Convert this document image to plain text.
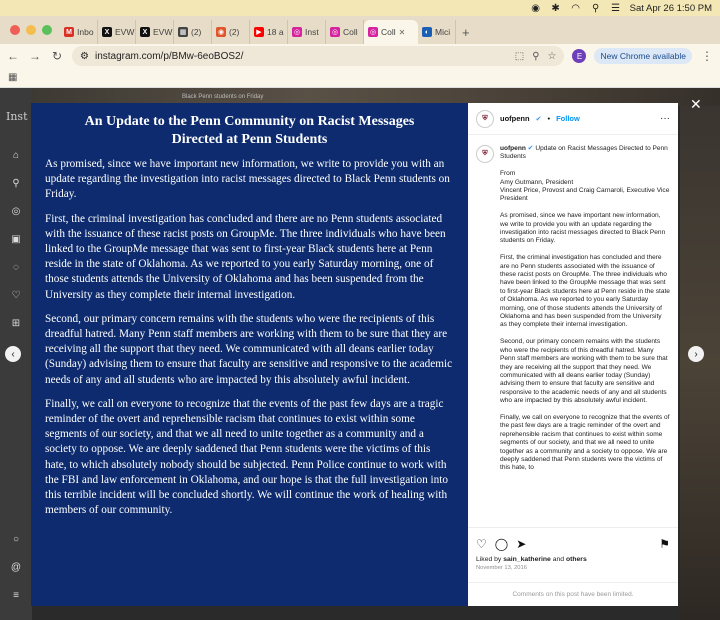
◉ ✱ ◠ ⚲ ☰ Sat Apr 26 1:50 PM
M Inbo	X EVW	X EVW ▦ (2) ◉ (2)	▶ 18 a ◎ Inst ◎ Coll ◎ Coll ✕	◐ Mici +
← → ↻ ⚙ instagram.com/p/BMw-6eoBOS2/	⬚ ⚲ ☆	E	New Chrome available	⋮
▦
Inst
⌂
⚲
◎
▣
◌
♡
⊞
○
@
≡
Black Penn students on Friday
An Update to the Penn Community on Racist Messages Directed at Penn Students

As promised, since we have important new information, we write to provide you with an update regarding the investigation into racist messages directed to Black Penn students on Friday.

First, the criminal investigation has concluded and there are no Penn students associated with the issuance of these racist posts on GroupMe. The three individuals who have been linked to the GroupMe message that was sent to first-year Black students here at Penn reside in the state of Oklahoma. As we reported to you early Saturday morning, one of those students attends the University of Oklahoma and has been suspended from the University as they complete their internal investigation.

Second, our primary concern remains with the students who were the recipients of this dreadful hatred. Many Penn staff members are working with them to be sure that they are receiving all the support that they need. We communicated with all deans earlier today (Sunday) advising them to ensure that faculty are sensitive and responsive to the academic needs of any and all students who are impacted by this absolutely awful incident.

Finally, we call on everyone to recognize that the events of the past few days are a tragic reminder of the overt and reprehensible racism that continues to exist within some segments of our society, and that we all need to unite together as a community and a society to oppose. We are deeply saddened that Penn students were the victims of this hate, to which absolutely nobody should be subjected. Penn Police continue to work with the FBI and law enforcement in Oklahoma, and our hope is that the full investigation into this terrible incident will be concluded shortly. We will continue the work of healing with members of our community.

⛨	uofpenn ✔ • Follow	···
⛨

uofpenn ✔ Update on Racist Messages Directed to Penn Students

From
Amy Gutmann, President
Vincent Price, Provost and Craig Carnaroli, Executive Vice President

As promised, since we have important new information, we write to provide you with an update regarding the investigation into racist messages directed to Black Penn students on Friday.

First, the criminal investigation has concluded and there are no Penn students associated with the issuance of these racist posts on GroupMe. The three individuals who have been linked to the GroupMe message that was sent to first-year Black students here at Penn reside in the state of Oklahoma. As we reported to you early Saturday morning, one of those students attends the University of Oklahoma and has been suspended from the University as they complete their internal investigation.

Second, our primary concern remains with the students who were the recipients of this dreadful hatred. Many Penn staff members are working with them to be sure that they are receiving all the support that they need. We communicated with all deans earlier today (Sunday) advising them to ensure that faculty are sensitive and responsive to the academic needs of any and all students who are impacted by this absolutely awful incident.

Finally, we call on everyone to recognize that the events of the past few days are a tragic reminder of the overt and reprehensible racism that continues to exist within some segments of our society, and that we all need to unite together as a community and a society to oppose. We are deeply saddened that Penn students were the victims of this hate, to

♡ ◯ ➤	⚑
Liked by sain_katherine and others
November 13, 2016
Comments on this post have been limited.
‹	›
✕
